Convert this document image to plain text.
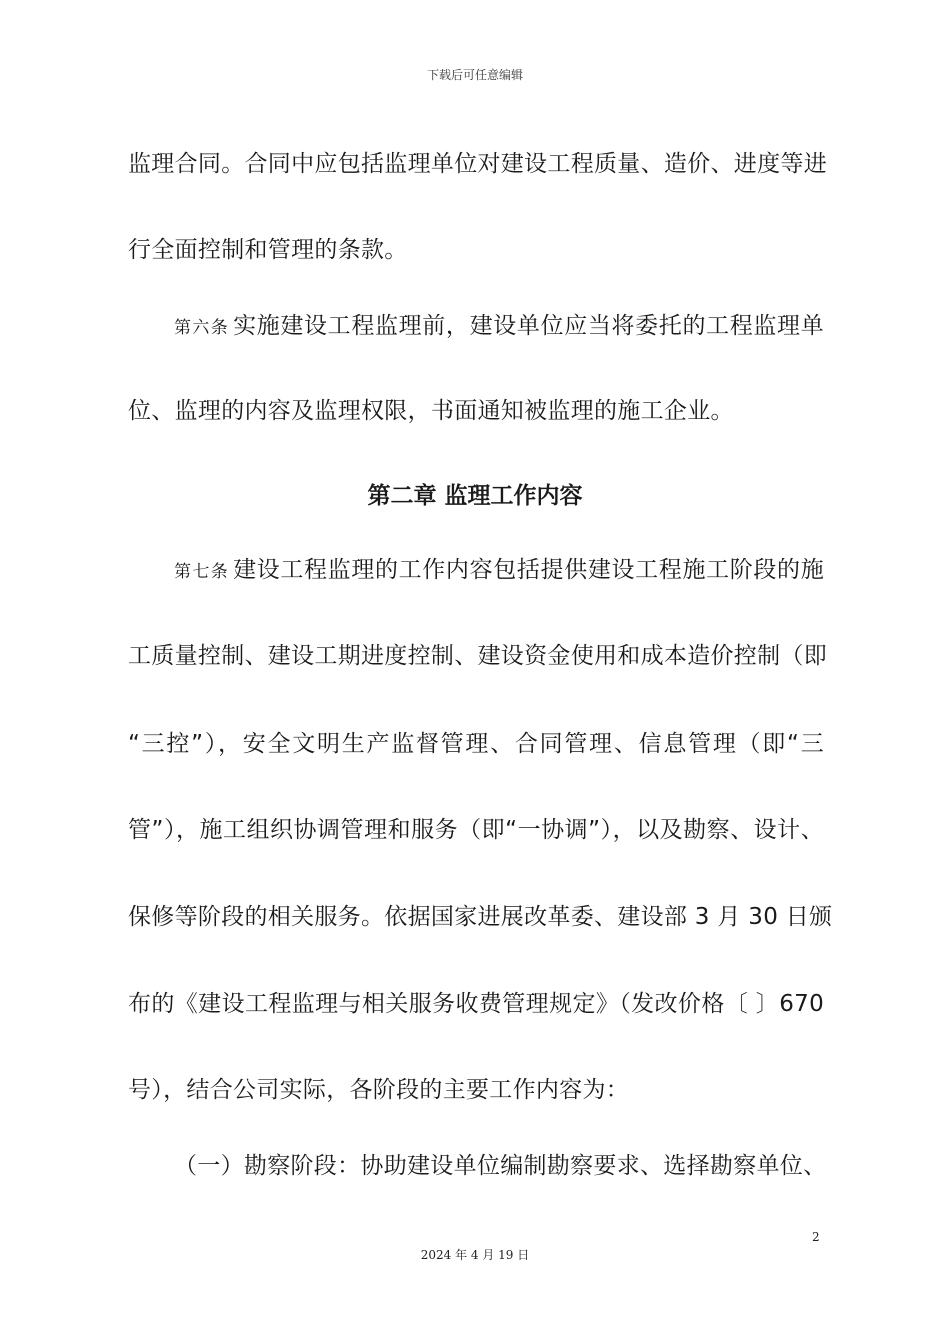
下载后可任意编辑
监理合同。合同中应包括监理单位对建设工程质量、造价、进度等进
行全面控制和管理的条款。
第六条 实施建设工程监理前，建设单位应当将委托的工程监理单
位、监理的内容及监理权限，书面通知被监理的施工企业。
第二章 监理工作内容
第七条 建设工程监理的工作内容包括提供建设工程施工阶段的施
工质量控制、建设工期进度控制、建设资金使用和成本造价控制（即
“三控”），安全文明生产监督管理、合同管理、信息管理（即“三
管”），施工组织协调管理和服务（即“一协调”），以及勘察、设计、
保修等阶段的相关服务。依据国家进展改革委、建设部 3 月 30 日颁
布的《建设工程监理与相关服务收费管理规定》（发改价格〔 〕670
号），结合公司实际，各阶段的主要工作内容为：
（一）勘察阶段：协助建设单位编制勘察要求、选择勘察单位、
2
2024 年 4 月 19 日
